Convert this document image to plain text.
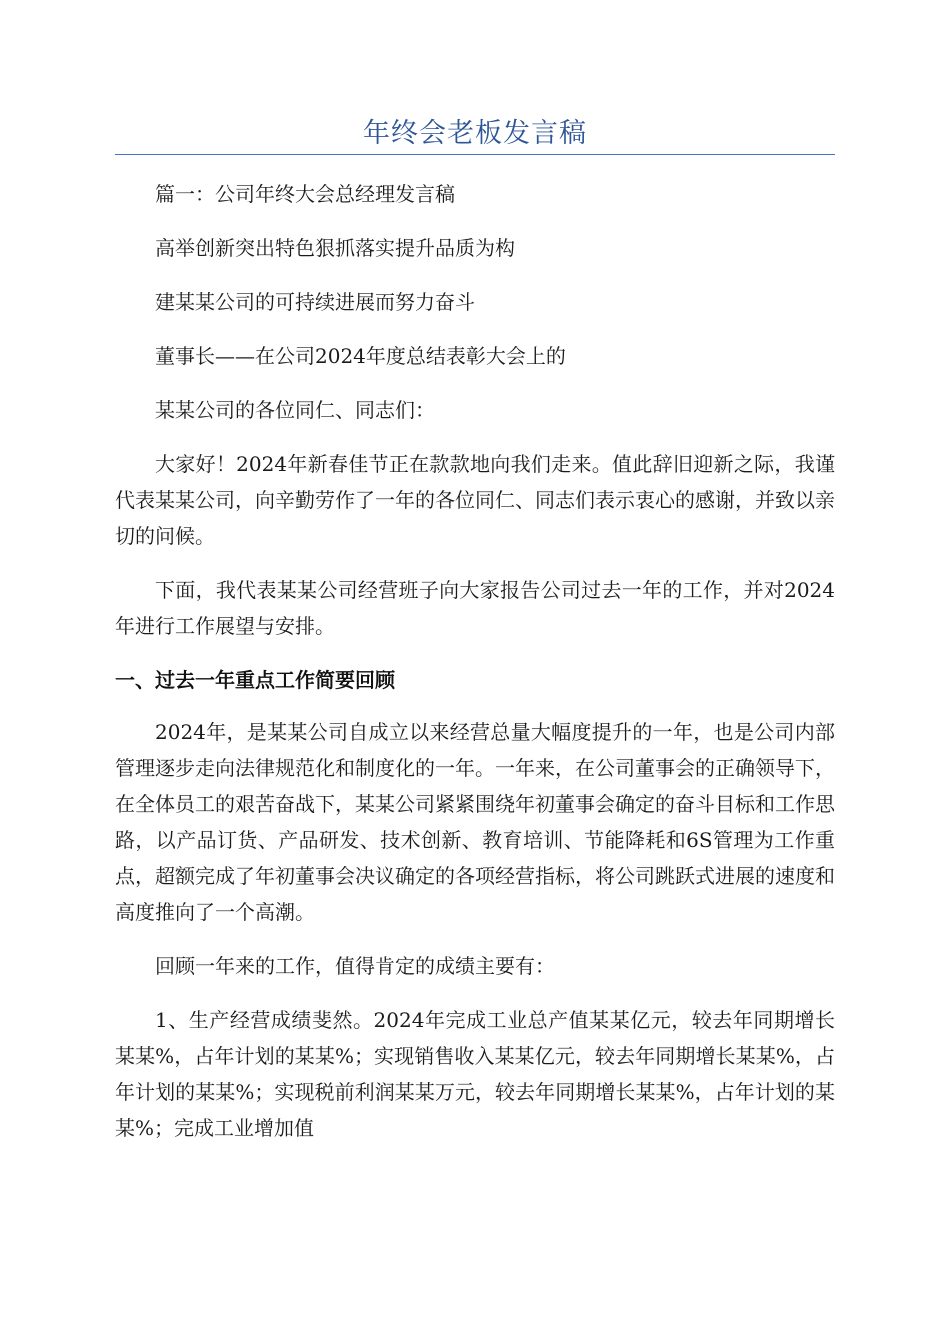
年终会老板发言稿

篇一：公司年终大会总经理发言稿

高举创新突出特色狠抓落实提升品质为构

建某某公司的可持续进展而努力奋斗

董事长——在公司2024年度总结表彰大会上的

某某公司的各位同仁、同志们：

大家好！2024年新春佳节正在款款地向我们走来。值此辞旧迎新之际，我谨代表某某公司，向辛勤劳作了一年的各位同仁、同志们表示衷心的感谢，并致以亲切的问候。

下面，我代表某某公司经营班子向大家报告公司过去一年的工作，并对2024年进行工作展望与安排。

一、过去一年重点工作简要回顾

2024年，是某某公司自成立以来经营总量大幅度提升的一年，也是公司内部管理逐步走向法律规范化和制度化的一年。一年来，在公司董事会的正确领导下，在全体员工的艰苦奋战下，某某公司紧紧围绕年初董事会确定的奋斗目标和工作思路，以产品订货、产品研发、技术创新、教育培训、节能降耗和6S管理为工作重点，超额完成了年初董事会决议确定的各项经营指标，将公司跳跃式进展的速度和高度推向了一个高潮。

回顾一年来的工作，值得肯定的成绩主要有：

1、生产经营成绩斐然。2024年完成工业总产值某某亿元，较去年同期增长某某%，占年计划的某某%；实现销售收入某某亿元，较去年同期增长某某%，占年计划的某某%；实现税前利润某某万元，较去年同期增长某某%，占年计划的某某%；完成工业增加值
